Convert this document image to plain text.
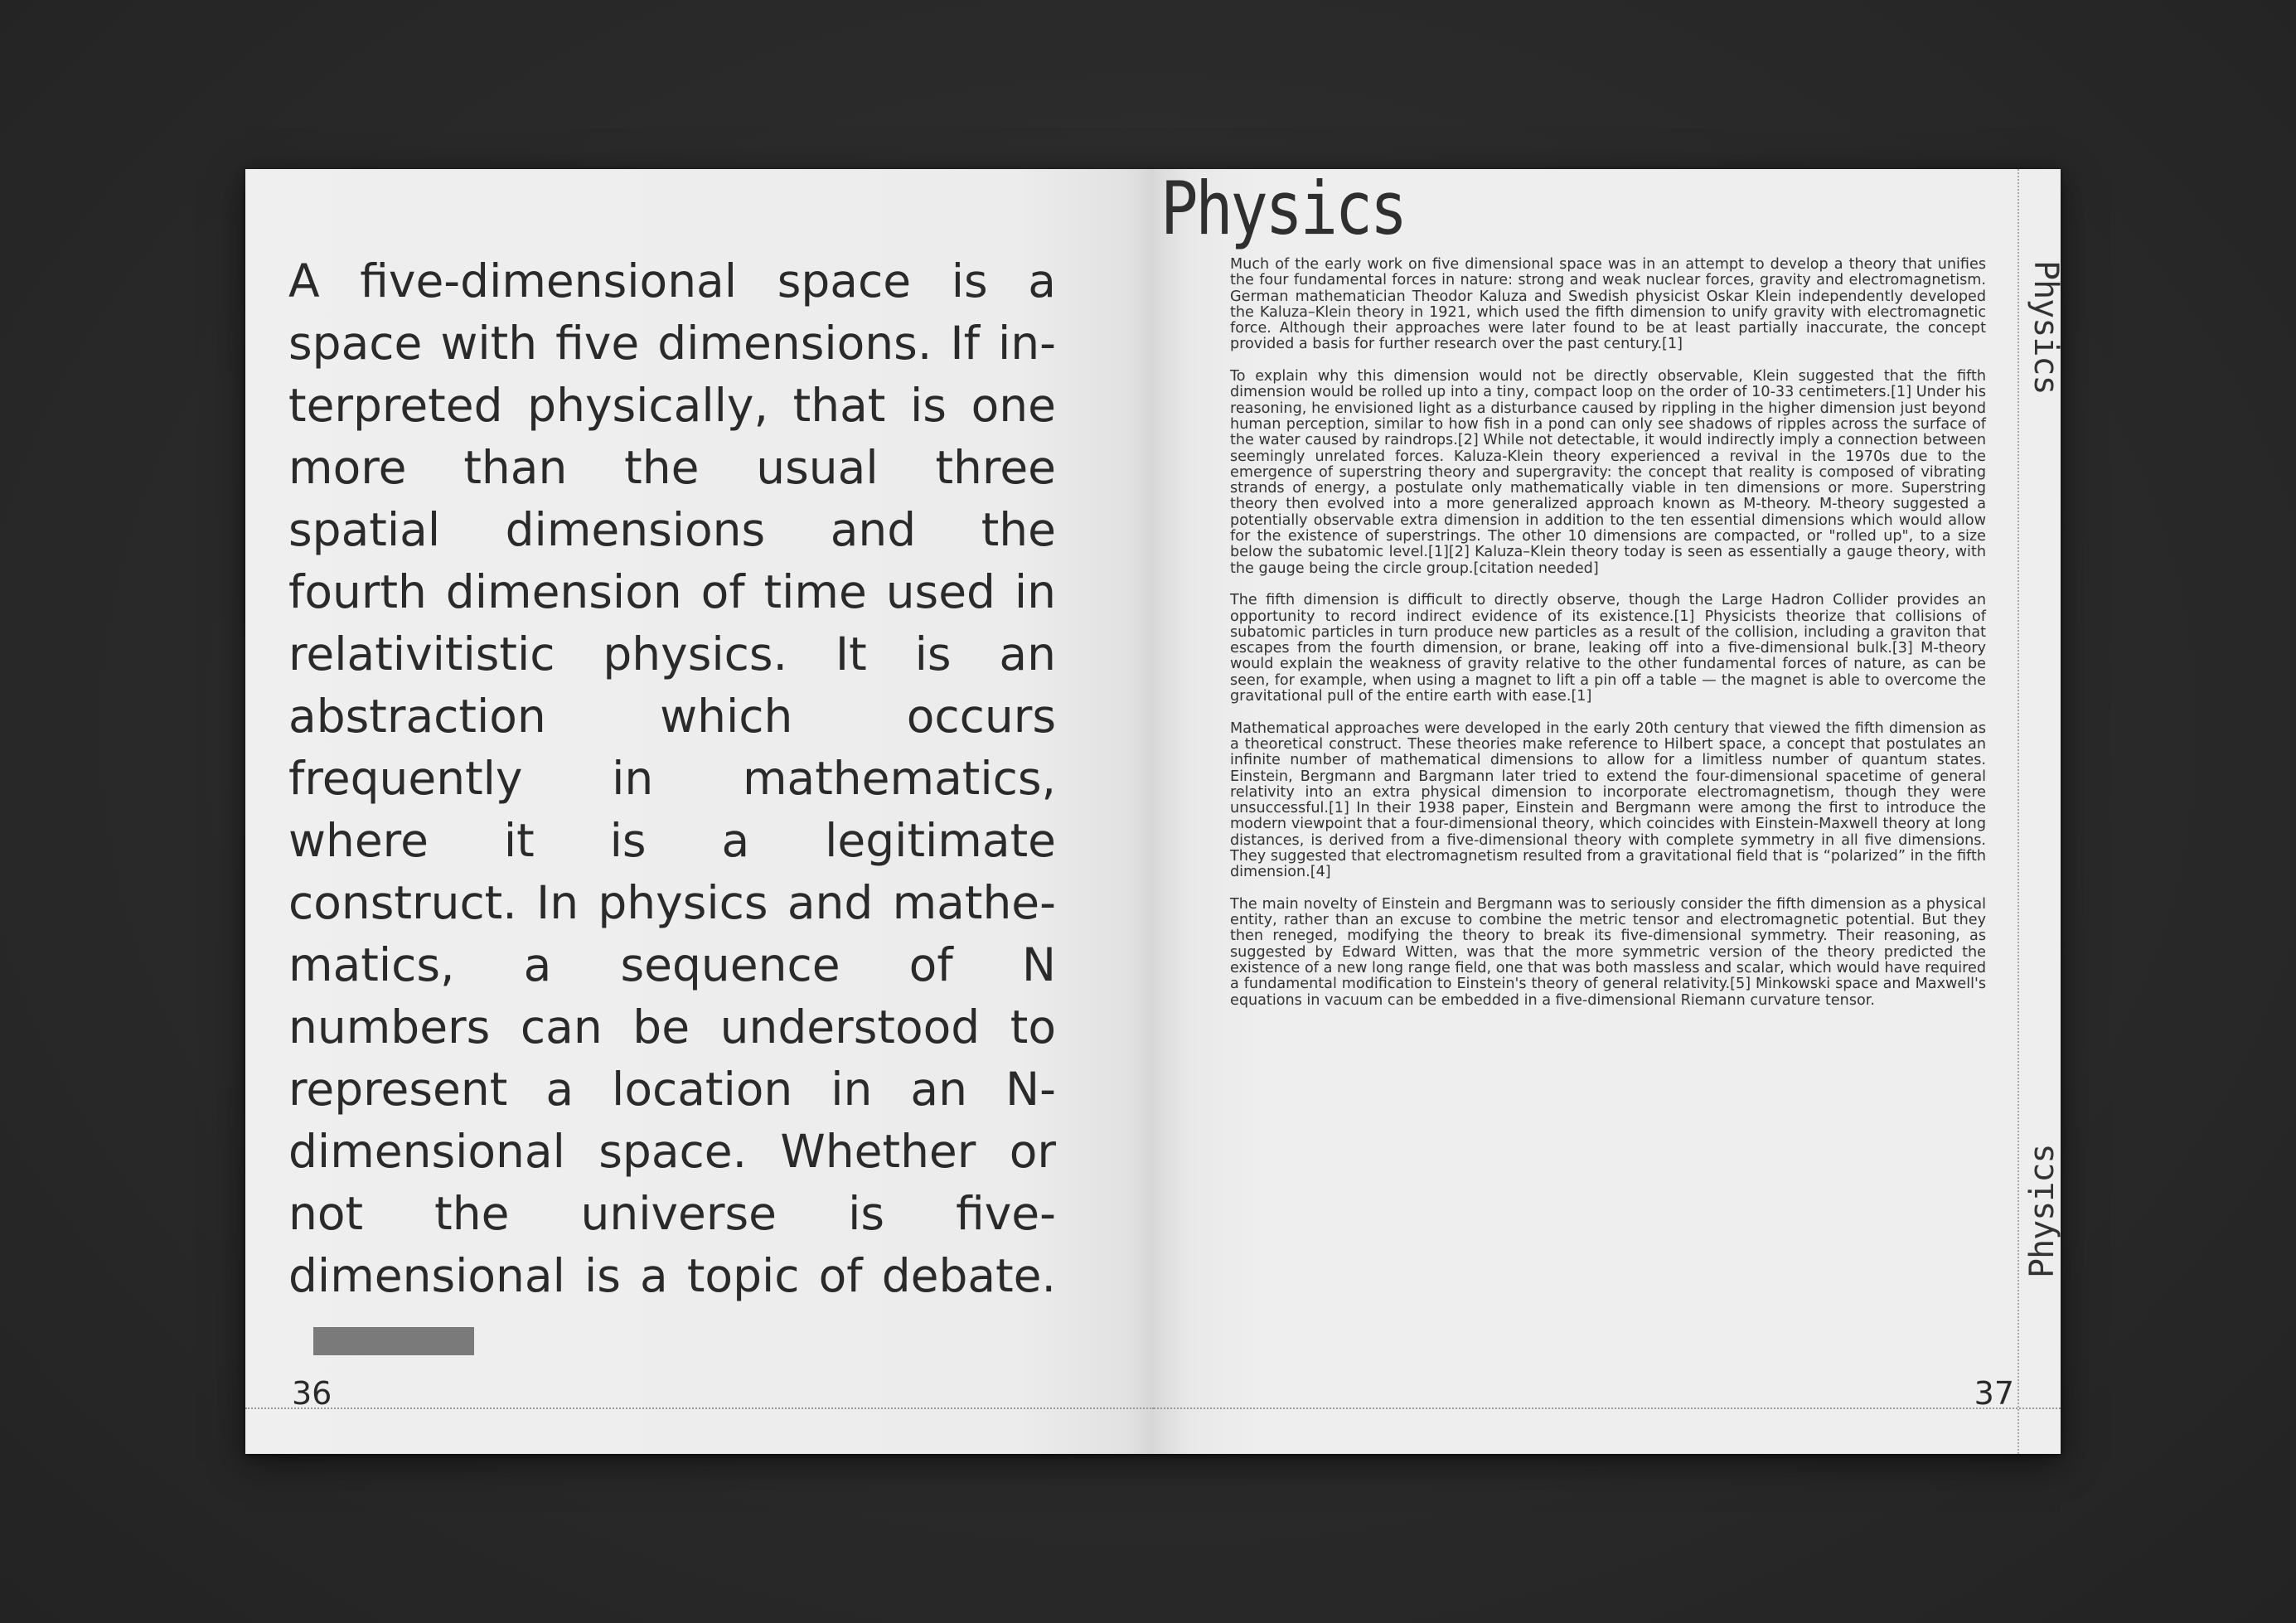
A five-dimensional space is a space with five dimensions. If interpreted physically, that is one more than the usual three spatial dimensions and the fourth dimension of time used in relativitistic physics. It is an abstraction which occurs frequently in mathematics, where it is a legitimate construct. In physics and mathematics, a sequence of N numbers can be understood to represent a location in an N-dimensional space. Whether or not the universe is five-dimensional is a topic of debate.

36
Physics

Much of the early work on five dimensional space was in an attempt to develop a theory that unifies the four fundamental forces in nature: strong and weak nuclear forces, gravity and electromagnetism. German mathematician Theodor Kaluza and Swedish physicist Oskar Klein independently developed the Kaluza–Klein theory in 1921, which used the fifth dimension to unify gravity with electromagnetic force. Although their approaches were later found to be at least partially inaccurate, the concept provided a basis for further research over the past century.[1]

To explain why this dimension would not be directly observable, Klein suggested that the fifth dimension would be rolled up into a tiny, compact loop on the order of 10-33 centimeters.[1] Under his reasoning, he envisioned light as a disturbance caused by rippling in the higher dimension just beyond human perception, similar to how fish in a pond can only see shadows of ripples across the surface of the water caused by raindrops.[2] While not detectable, it would indirectly imply a connection between seemingly unrelated forces. Kaluza-Klein theory experienced a revival in the 1970s due to the emergence of superstring theory and supergravity: the concept that reality is composed of vibrating strands of energy, a postulate only mathematically viable in ten dimensions or more. Superstring theory then evolved into a more generalized approach known as M-theory. M-theory suggested a potentially observable extra dimension in addition to the ten essential dimensions which would allow for the existence of superstrings. The other 10 dimensions are compacted, or "rolled up", to a size below the subatomic level.[1][2] Kaluza–Klein theory today is seen as essentially a gauge theory, with the gauge being the circle group.[citation needed]

The fifth dimension is difficult to directly observe, though the Large Hadron Collider provides an opportunity to record indirect evidence of its existence.[1] Physicists theorize that collisions of subatomic particles in turn produce new particles as a result of the collision, including a graviton that escapes from the fourth dimension, or brane, leaking off into a five-dimensional bulk.[3] M-theory would explain the weakness of gravity relative to the other fundamental forces of nature, as can be seen, for example, when using a magnet to lift a pin off a table — the magnet is able to overcome the gravitational pull of the entire earth with ease.[1]

Mathematical approaches were developed in the early 20th century that viewed the fifth dimension as a theoretical construct. These theories make reference to Hilbert space, a concept that postulates an infinite number of mathematical dimensions to allow for a limitless number of quantum states. Einstein, Bergmann and Bargmann later tried to extend the four-dimensional spacetime of general relativity into an extra physical dimension to incorporate electromagnetism, though they were unsuccessful.[1] In their 1938 paper, Einstein and Bergmann were among the first to introduce the modern viewpoint that a four-dimensional theory, which coincides with Einstein-Maxwell theory at long distances, is derived from a five-dimensional theory with complete symmetry in all five dimensions. They suggested that electromagnetism resulted from a gravitational field that is “polarized” in the fifth dimension.[4]

The main novelty of Einstein and Bergmann was to seriously consider the fifth dimension as a physical entity, rather than an excuse to combine the metric tensor and electromagnetic potential. But they then reneged, modifying the theory to break its five-dimensional symmetry. Their reasoning, as suggested by Edward Witten, was that the more symmetric version of the theory predicted the existence of a new long range field, one that was both massless and scalar, which would have required a fundamental modification to Einstein's theory of general relativity.[5] Minkowski space and Maxwell's equations in vacuum can be embedded in a five-dimensional Riemann curvature tensor.

Physics
Physics
37
